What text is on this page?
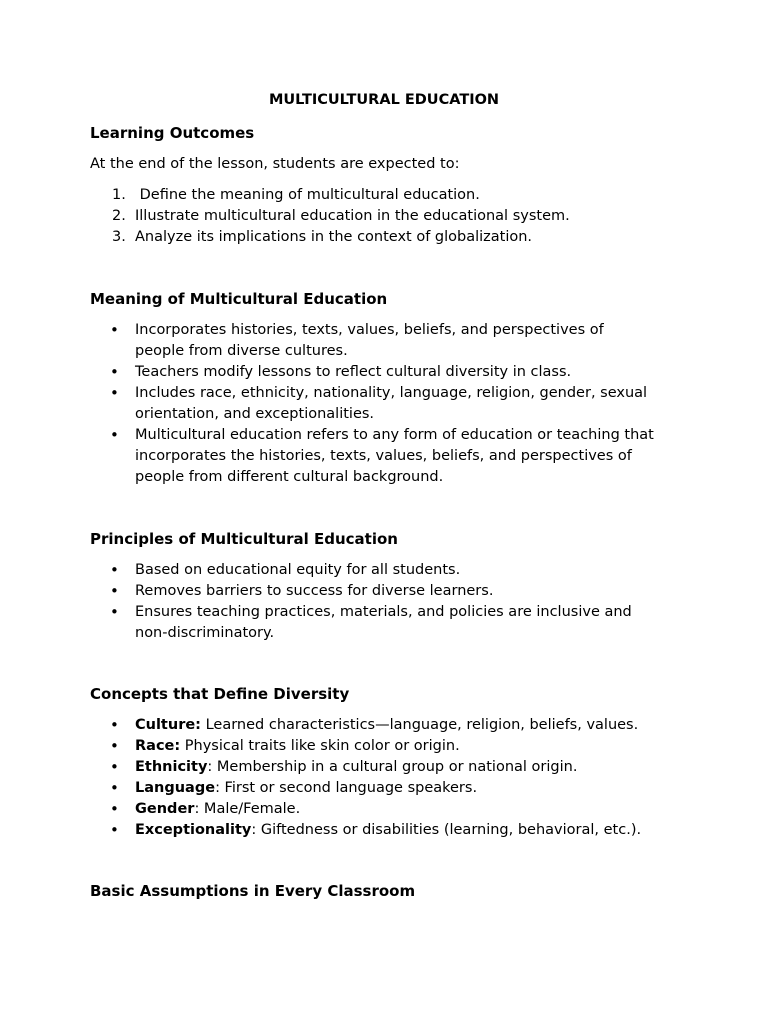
MULTICULTURAL EDUCATION
Learning Outcomes

At the end of the lesson, students are expected to:

1. Define the meaning of multicultural education.
2. Illustrate multicultural education in the educational system.
3. Analyze its implications in the context of globalization.
Meaning of Multicultural Education
• Incorporates histories, texts, values, beliefs, and perspectives of
people from diverse cultures.
• Teachers modify lessons to reflect cultural diversity in class.
• Includes race, ethnicity, nationality, language, religion, gender, sexual
orientation, and exceptionalities.
• Multicultural education refers to any form of education or teaching that
incorporates the histories, texts, values, beliefs, and perspectives of
people from different cultural background.
Principles of Multicultural Education
• Based on educational equity for all students.
• Removes barriers to success for diverse learners.
• Ensures teaching practices, materials, and policies are inclusive and
non-discriminatory.
Concepts that Define Diversity
• Culture: Learned characteristics—language, religion, beliefs, values.
• Race: Physical traits like skin color or origin.
• Ethnicity: Membership in a cultural group or national origin.
• Language: First or second language speakers.
• Gender: Male/Female.
• Exceptionality: Giftedness or disabilities (learning, behavioral, etc.).
Basic Assumptions in Every Classroom
